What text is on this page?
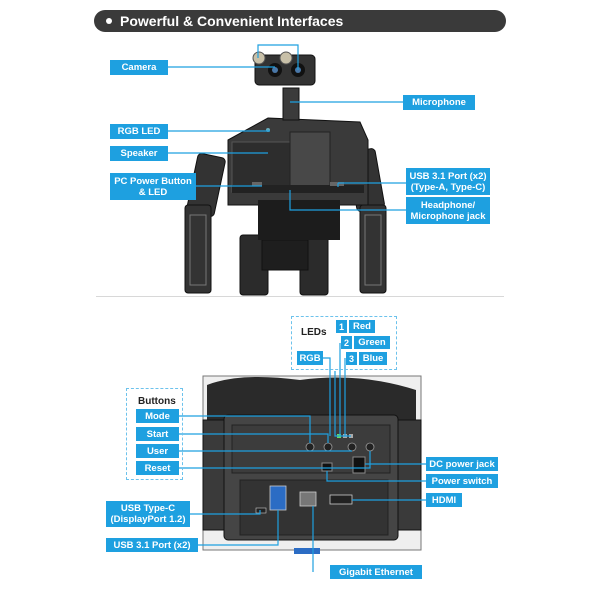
Powerful & Convenient Interfaces
Camera
Microphone
RGB LED
Speaker
PC Power Button & LED
USB 3.1 Port (x2) (Type-A, Type-C)
Headphone/ Microphone jack
LEDs
RGB
1 Red
2 Green
3 Blue
Buttons
Mode
Start
User
Reset	DC power jack
Power switch
HDMI
USB Type-C (DisplayPort 1.2)
USB 3.1 Port (x2)
Gigabit Ethernet
